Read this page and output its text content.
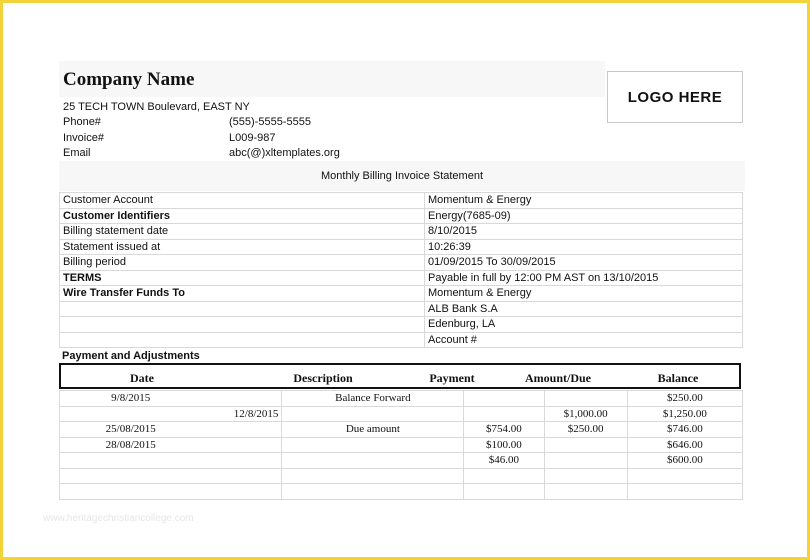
Company Name
LOGO HERE
25 TECH TOWN Boulevard, EAST NY
Phone#	(555)-5555-5555
Invoice#	L009-987
Email	abc(@)xltemplates.org
Monthly Billing Invoice Statement
Customer Account	Momentum & Energy
Customer Identifiers	Energy(7685-09)
Billing statement date	8/10/2015
Statement issued at	10:26:39
Billing period	01/09/2015 To 30/09/2015
TERMS	Payable in full by 12:00 PM AST on 13/10/2015
Wire Transfer Funds To	Momentum & Energy
	ALB Bank S.A
	Edenburg, LA
	Account #
Payment and Adjustments
Date	Description	Payment	Amount/Due	Balance
9/8/2015	Balance Forward			$250.00
12/8/2015			$1,000.00	$1,250.00
25/08/2015	Due amount	$754.00	$250.00	$746.00
28/08/2015		$100.00		$646.00
		$46.00		$600.00

www.heritagechristiancollege.com
